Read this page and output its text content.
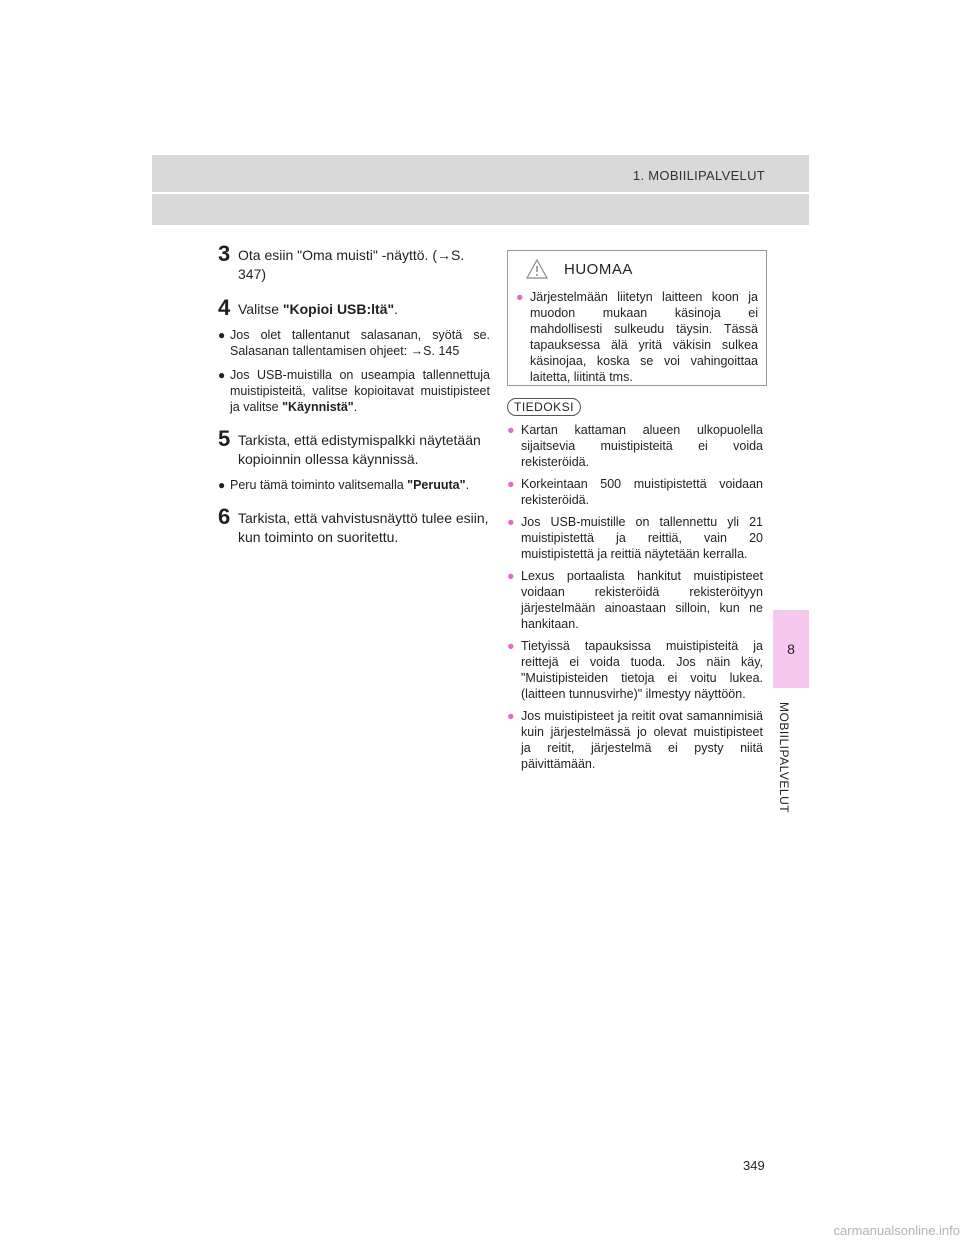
1. MOBIILIPALVELUT
8
MOBIILIPALVELUT
3 Ota esiin "Oma muisti" -näyttö. (→S. 347)
4 Valitse "Kopioi USB:ltä".
● Jos olet tallentanut salasanan, syötä se. Salasanan tallentamisen ohjeet: →S. 145
● Jos USB-muistilla on useampia tallennettuja muistipisteitä, valitse kopioitavat muistipisteet ja valitse "Käynnistä".
5 Tarkista, että edistymispalkki näytetään kopioinnin ollessa käynnissä.
● Peru tämä toiminto valitsemalla "Peruuta".
6 Tarkista, että vahvistusnäyttö tulee esiin, kun toiminto on suoritettu.
HUOMAA
● Järjestelmään liitetyn laitteen koon ja muodon mukaan käsinoja ei mahdollisesti sulkeudu täysin. Tässä tapauksessa älä yritä väkisin sulkea käsinojaa, koska se voi vahingoittaa laitetta, liitintä tms.
TIEDOKSI
● Kartan kattaman alueen ulkopuolella sijaitsevia muistipisteitä ei voida rekisteröidä.
● Korkeintaan 500 muistipistettä voidaan rekisteröidä.
● Jos USB-muistille on tallennettu yli 21 muistipistettä ja reittiä, vain 20 muistipistettä ja reittiä näytetään kerralla.
● Lexus portaalista hankitut muistipisteet voidaan rekisteröidä rekisteröityyn järjestelmään ainoastaan silloin, kun ne hankitaan.
● Tietyissä tapauksissa muistipisteitä ja reittejä ei voida tuoda. Jos näin käy, "Muistipisteiden tietoja ei voitu lukea. (laitteen tunnusvirhe)" ilmestyy näyttöön.
● Jos muistipisteet ja reitit ovat samannimisiä kuin järjestelmässä jo olevat muistipisteet ja reitit, järjestelmä ei pysty niitä päivittämään.
349
carmanualsonline.info
